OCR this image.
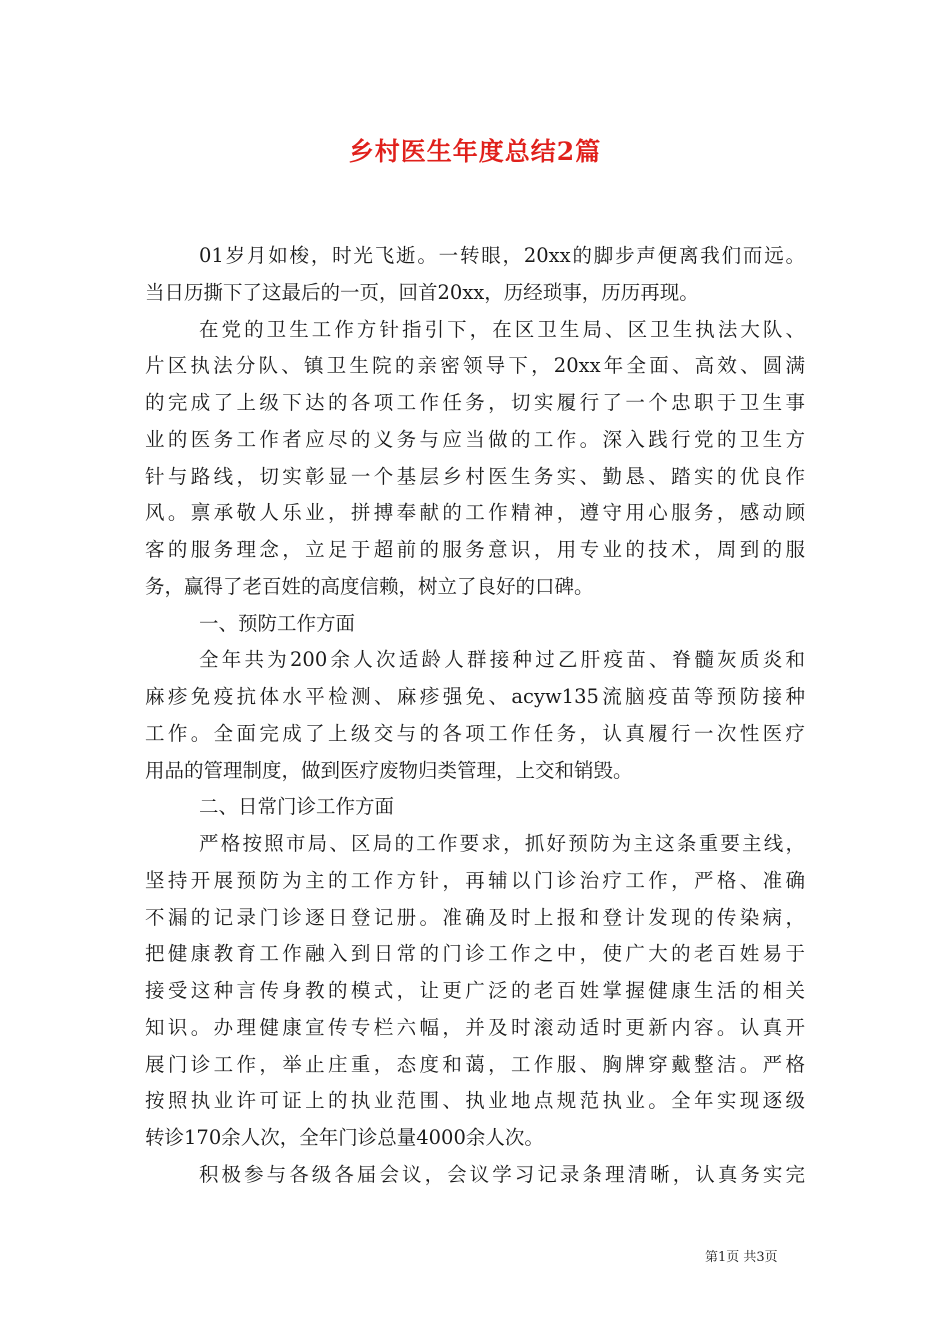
乡村医生年度总结2篇
01岁月如梭，时光飞逝。一转眼，20xx的脚步声便离我们而远。
当日历撕下了这最后的一页，回首20xx，历经琐事，历历再现。
在党的卫生工作方针指引下，在区卫生局、区卫生执法大队、
片区执法分队、镇卫生院的亲密领导下，20xx年全面、高效、圆满
的完成了上级下达的各项工作任务，切实履行了一个忠职于卫生事
业的医务工作者应尽的义务与应当做的工作。深入践行党的卫生方
针与路线，切实彰显一个基层乡村医生务实、勤恳、踏实的优良作
风。禀承敬人乐业，拼搏奉献的工作精神，遵守用心服务，感动顾
客的服务理念，立足于超前的服务意识，用专业的技术，周到的服
务，赢得了老百姓的高度信赖，树立了良好的口碑。
一、预防工作方面
全年共为200余人次适龄人群接种过乙肝疫苗、脊髓灰质炎和
麻疹免疫抗体水平检测、麻疹强免、acyw135流脑疫苗等预防接种
工作。全面完成了上级交与的各项工作任务，认真履行一次性医疗
用品的管理制度，做到医疗废物归类管理，上交和销毁。
二、日常门诊工作方面
严格按照市局、区局的工作要求，抓好预防为主这条重要主线，
坚持开展预防为主的工作方针，再辅以门诊治疗工作，严格、准确
不漏的记录门诊逐日登记册。准确及时上报和登计发现的传染病，
把健康教育工作融入到日常的门诊工作之中，使广大的老百姓易于
接受这种言传身教的模式，让更广泛的老百姓掌握健康生活的相关
知识。办理健康宣传专栏六幅，并及时滚动适时更新内容。认真开
展门诊工作，举止庄重，态度和蔼，工作服、胸牌穿戴整洁。严格
按照执业许可证上的执业范围、执业地点规范执业。全年实现逐级
转诊170余人次，全年门诊总量4000余人次。
积极参与各级各届会议，会议学习记录条理清晰，认真务实完
第1页 共3页
